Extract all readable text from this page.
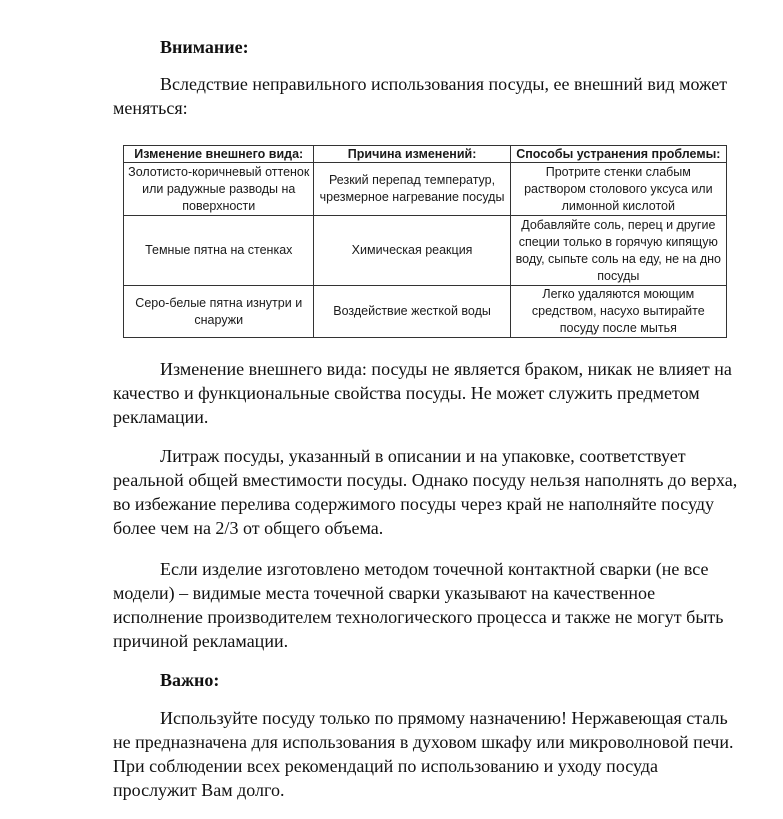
Внимание:

Вследствие неправильного использования посуды, ее внешний вид может меняться:

Изменение внешнего вида:	Причина изменений:	Способы устранения проблемы:
Золотисто-коричневый оттенок или радужные разводы на поверхности	Резкий перепад температур, чрезмерное нагревание посуды	Протрите стенки слабым раствором столового уксуса или лимонной кислотой
Темные пятна на стенках	Химическая реакция	Добавляйте соль, перец и другие специи только в горячую кипящую воду, сыпьте соль на еду, не на дно посуды
Серо-белые пятна изнутри и снаружи	Воздействие жесткой воды	Легко удаляются моющим средством, насухо вытирайте посуду после мытья

Изменение внешнего вида: посуды не является браком, никак не влияет на качество и функциональные свойства посуды. Не может служить предметом рекламации.

Литраж посуды, указанный в описании и на упаковке, соответствует реальной общей вместимости посуды. Однако посуду нельзя наполнять до верха, во избежание перелива содержимого посуды через край не наполняйте посуду более чем на 2/3 от общего объема.

Если изделие изготовлено методом точечной контактной сварки (не все модели) – видимые места точечной сварки указывают на качественное исполнение производителем технологического процесса и также не могут быть причиной рекламации.

Важно:

Используйте посуду только по прямому назначению! Нержавеющая сталь не предназначена для использования в духовом шкафу или микроволновой печи. При соблюдении всех рекомендаций по использованию и уходу посуда прослужит Вам долго.
